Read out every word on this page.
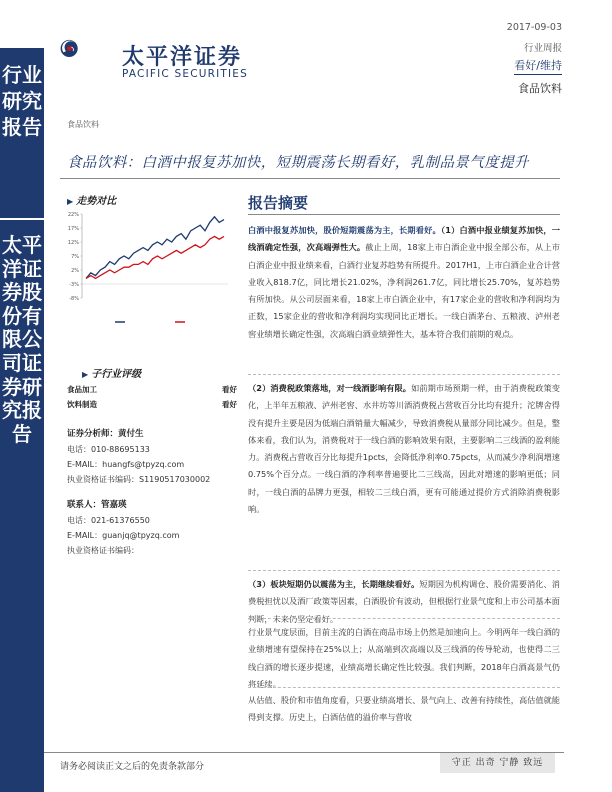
行业研究报告
太平洋证券股份有限公司证券研究报告
太平洋证券
PACIFIC SECURITIES
2017-09-03
行业周报
看好/维持
食品饮料
食品饮料
食品饮料：白酒中报复苏加快，短期震荡长期看好，乳制品景气度提升
▶ 走势对比
22%
17%
12%
7%
2%
-3%
-8%
▶ 子行业评级
食品加工	看好
饮料制造	看好
证券分析师：黄付生
电话：010-88695133
E-MAIL：huangfs@tpyzq.com
执业资格证书编码：S1190517030002
联系人：管嘉瑛
电话：021-61376550
E-MAIL：guanjq@tpyzq.com
执业资格证书编码：
报告摘要
白酒中报复苏加快，股价短期震荡为主，长期看好。（1）白酒中报业绩复苏加快，一线酒确定性强，次高端弹性大。截止上周，18家上市白酒企业中报全部公布，从上市白酒企业中报业绩来看，白酒行业复苏趋势有所提升。2017H1，上市白酒企业合计营业收入818.7亿，同比增长21.02%，净利润261.7亿，同比增长25.70%，复苏趋势有所加快。从公司层面来看，18家上市白酒企业中，有17家企业的营收和净利润均为正数，15家企业的营收和净利润均实现同比正增长。一线白酒茅台、五粮液、泸州老窖业绩增长确定性强，次高端白酒业绩弹性大，基本符合我们前期的观点。
（2）消费税政策落地，对一线酒影响有限。如前期市场预期一样，由于消费税政策变化，上半年五粮液、泸州老窖、水井坊等川酒消费税占营收百分比均有提升；沱牌舍得没有提升主要是因为低端白酒销量大幅减少，导致消费税从量部分同比减少。但是，整体来看，我们认为，消费税对于一线白酒的影响效果有限，主要影响二三线酒的盈利能力。消费税占营收百分比每提升1pcts，会降低净利率0.75pcts，从而减少净利润增速0.75%个百分点。一线白酒的净利率普遍要比二三线高，因此对增速的影响更低；同时，一线白酒的品牌力更强，相较二三线白酒，更有可能通过提价方式消除消费税影响。
（3）板块短期仍以震荡为主，长期继续看好。短期因为机构调仓、股价需要消化、消费税担忧以及酒厂政策等因素，白酒股价有波动，但根据行业景气度和上市公司基本面判断，未来仍坚定看好。
行业景气度层面，目前主流的白酒在商品市场上仍然是加速向上。今明两年一线白酒的业绩增速有望保持在25%以上；从高端到次高端以及三线酒的传导轮动，也使得二三线白酒的增长逐步提速，业绩高增长确定性比较强。我们判断，2018年白酒高景气仍将延续。
从估值、股价和市值角度看，只要业绩高增长、景气向上、改善有持续性，高估值就能得到支撑。历史上，白酒估值的溢价率与营收
请务必阅读正文之后的免责条款部分	守正 出奇 宁静 致远
